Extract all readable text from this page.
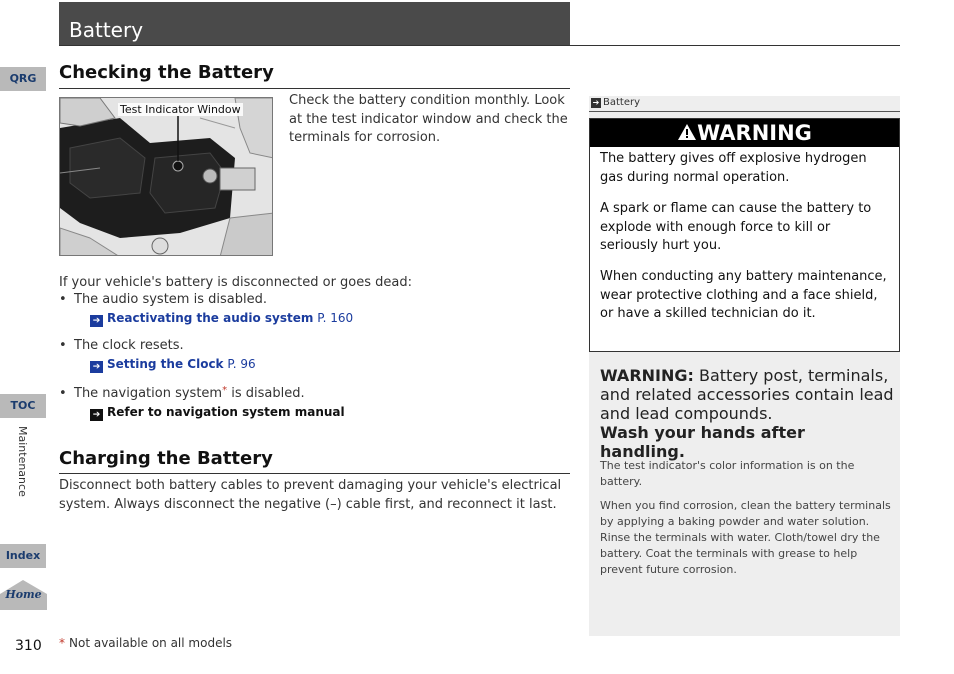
Battery
QRG
TOC
Maintenance
Index
Home
Checking the Battery
Test Indicator Window
Check the battery condition monthly. Look at the test indicator window and check the terminals for corrosion.
If your vehicle's battery is disconnected or goes dead:
• The audio system is disabled.
➔ Reactivating the audio system P. 160
• The clock resets.
➔ Setting the Clock P. 96
• The navigation system* is disabled.
➔ Refer to navigation system manual
Charging the Battery
Disconnect both battery cables to prevent damaging your vehicle's electrical system. Always disconnect the negative (–) cable first, and reconnect it last.
➔ Battery
WARNING
The battery gives off explosive hydrogen gas during normal operation.
A spark or flame can cause the battery to explode with enough force to kill or seriously hurt you.
When conducting any battery maintenance, wear protective clothing and a face shield, or have a skilled technician do it.
WARNING: Battery post, terminals, and related accessories contain lead and lead compounds.
Wash your hands after handling.
The test indicator's color information is on the battery.
When you find corrosion, clean the battery terminals by applying a baking powder and water solution. Rinse the terminals with water. Cloth/towel dry the battery. Coat the terminals with grease to help prevent future corrosion.
310 * Not available on all models
